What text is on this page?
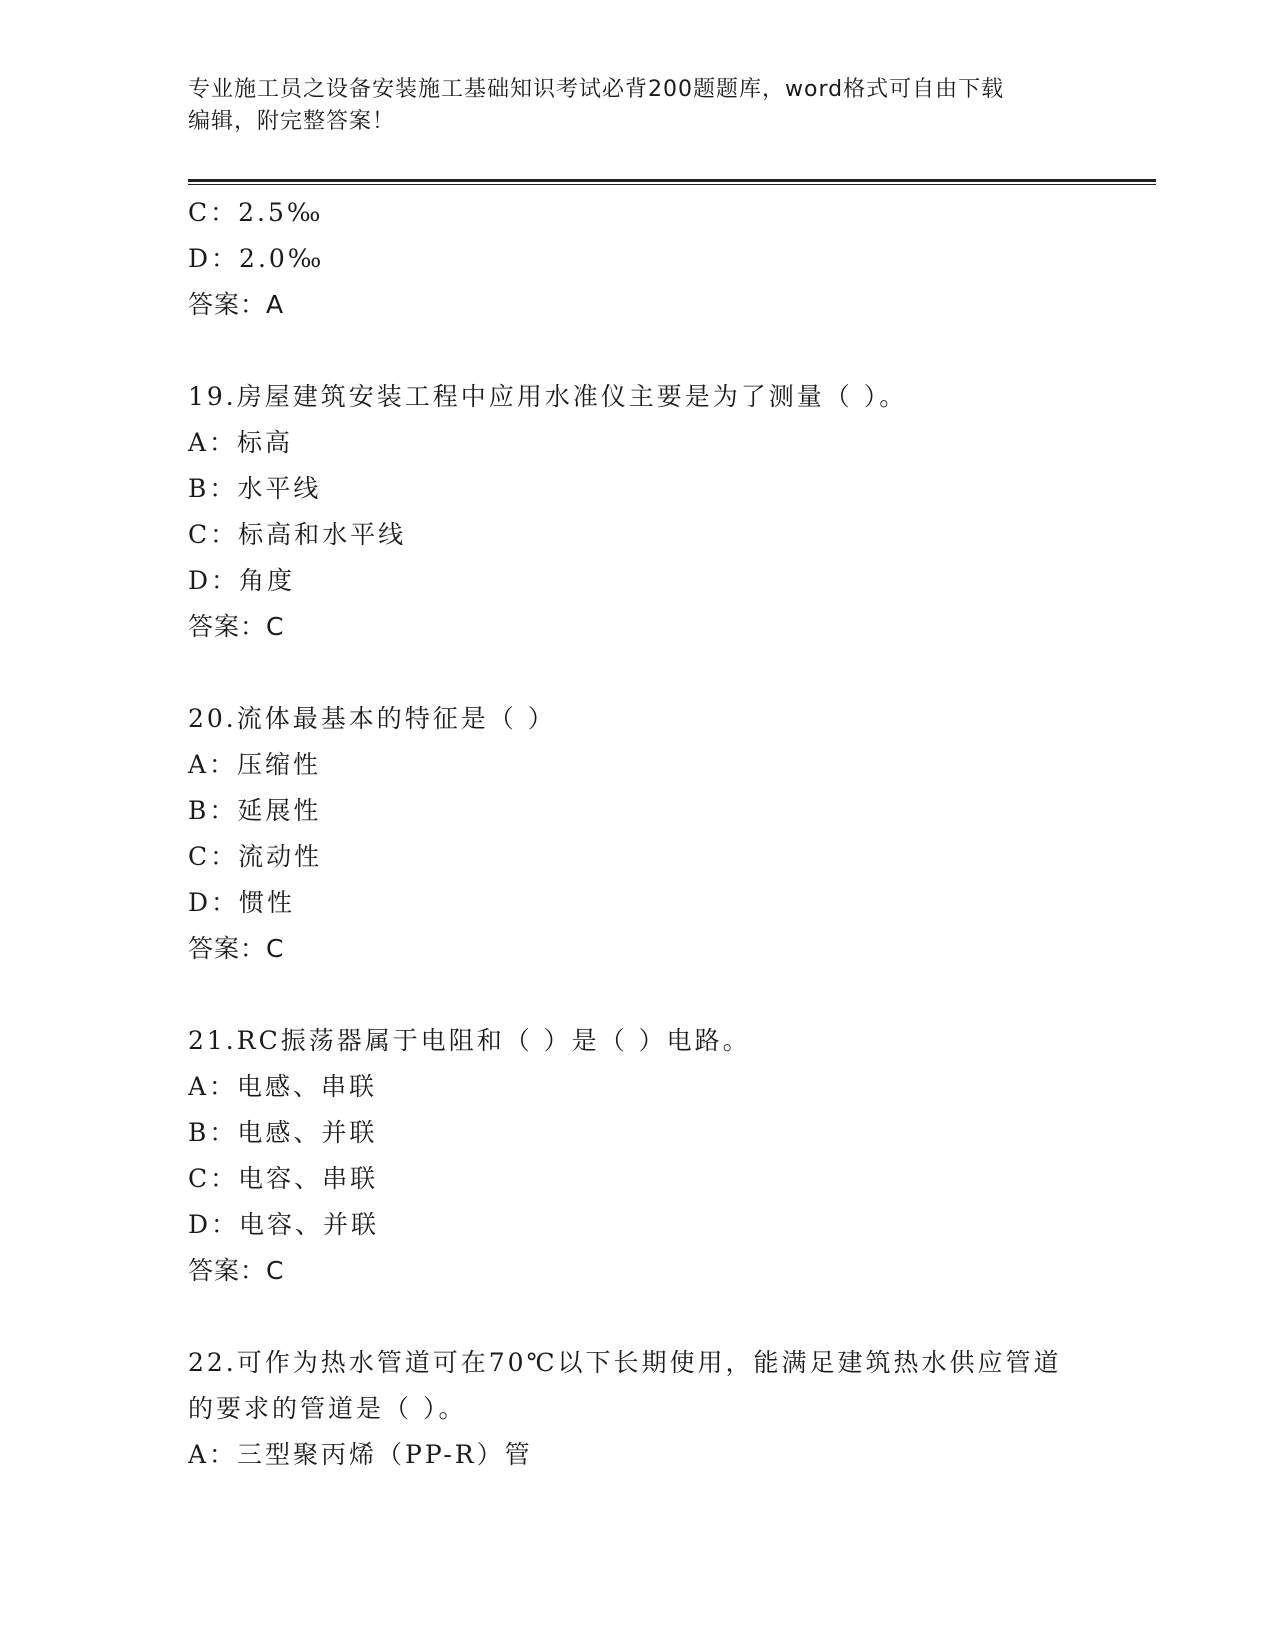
专业施工员之设备安装施工基础知识考试必背200题题库，word格式可自由下载
编辑，附完整答案！
C：2.5‰
D：2.0‰
答案：A
19.房屋建筑安装工程中应用水准仪主要是为了测量（ ）。
A：标高
B：水平线
C：标高和水平线
D：角度
答案：C
20.流体最基本的特征是（ ）
A：压缩性
B：延展性
C：流动性
D：惯性
答案：C
21.RC振荡器属于电阻和（ ）是（ ）电路。
A：电感、串联
B：电感、并联
C：电容、串联
D：电容、并联
答案：C
22.可作为热水管道可在70℃以下长期使用，能满足建筑热水供应管道
的要求的管道是（ ）。
A：三型聚丙烯（PP-R）管
